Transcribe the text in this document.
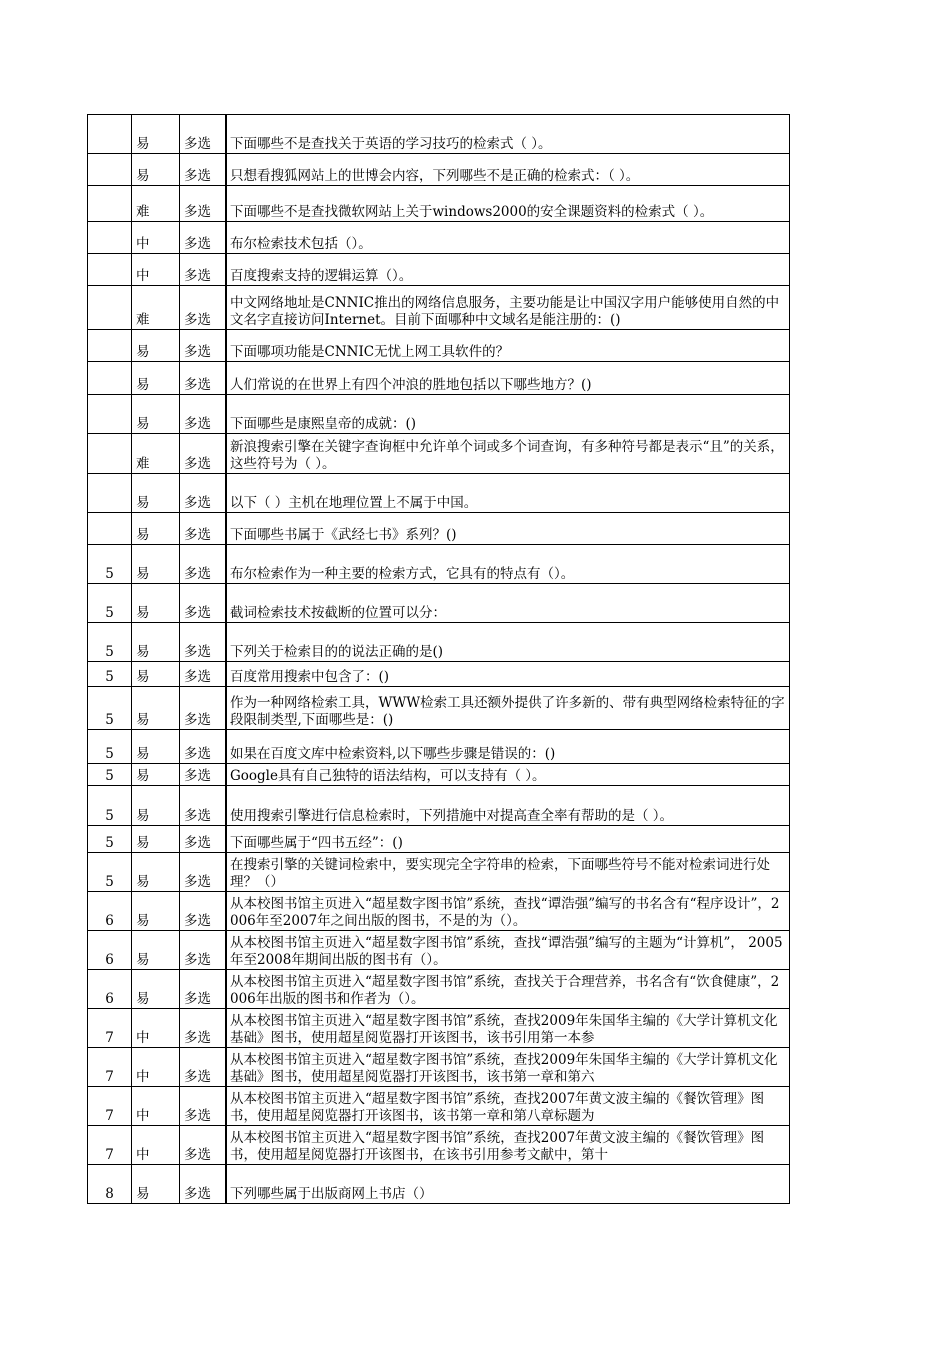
	易	多选	下面哪些不是查找关于英语的学习技巧的检索式（ ）。
	易	多选	只想看搜狐网站上的世博会内容，下列哪些不是正确的检索式：（ ）。
	难	多选	下面哪些不是查找微软网站上关于windows2000的安全课题资料的检索式（ ）。
	中	多选	布尔检索技术包括（）。
	中	多选	百度搜索支持的逻辑运算（）。
	难	多选	中文网络地址是CNNIC推出的网络信息服务，主要功能是让中国汉字用户能够使用自然的中文名字直接访问Internet。目前下面哪种中文域名是能注册的：()
	易	多选	下面哪项功能是CNNIC无忧上网工具软件的？
	易	多选	人们常说的在世界上有四个冲浪的胜地包括以下哪些地方？()
	易	多选	下面哪些是康熙皇帝的成就：()
	难	多选	新浪搜索引擎在关键字查询框中允许单个词或多个词查询，有多种符号都是表示“且”的关系，这些符号为（ ）。
	易	多选	以下（ ）主机在地理位置上不属于中国。
	易	多选	下面哪些书属于《武经七书》系列？()
5	易	多选	布尔检索作为一种主要的检索方式，它具有的特点有（）。
5	易	多选	截词检索技术按截断的位置可以分：
5	易	多选	下列关于检索目的的说法正确的是()
5	易	多选	百度常用搜索中包含了：()
5	易	多选	作为一种网络检索工具，WWW检索工具还额外提供了许多新的、带有典型网络检索特征的字段限制类型,下面哪些是：()
5	易	多选	如果在百度文库中检索资料,以下哪些步骤是错误的：()
5	易	多选	Google具有自己独特的语法结构，可以支持有（ ）。
5	易	多选	使用搜索引擎进行信息检索时，下列措施中对提高查全率有帮助的是（ ）。
5	易	多选	下面哪些属于“四书五经”：()
5	易	多选	在搜索引擎的关键词检索中，要实现完全字符串的检索，下面哪些符号不能对检索词进行处理？（）
6	易	多选	从本校图书馆主页进入“超星数字图书馆”系统，查找“谭浩强”编写的书名含有“程序设计”，2006年至2007年之间出版的图书，不是的为（）。
6	易	多选	从本校图书馆主页进入“超星数字图书馆”系统，查找“谭浩强”编写的主题为“计算机”， 2005年至2008年期间出版的图书有（）。
6	易	多选	从本校图书馆主页进入“超星数字图书馆”系统，查找关于合理营养，书名含有“饮食健康”，2006年出版的图书和作者为（）。
7	中	多选	从本校图书馆主页进入“超星数字图书馆”系统，查找2009年朱国华主编的《大学计算机文化基础》图书，使用超星阅览器打开该图书，该书引用第一本参
7	中	多选	从本校图书馆主页进入“超星数字图书馆”系统，查找2009年朱国华主编的《大学计算机文化基础》图书，使用超星阅览器打开该图书，该书第一章和第六
7	中	多选	从本校图书馆主页进入“超星数字图书馆”系统，查找2007年黄文波主编的《餐饮管理》图书，使用超星阅览器打开该图书，该书第一章和第八章标题为
7	中	多选	从本校图书馆主页进入“超星数字图书馆”系统，查找2007年黄文波主编的《餐饮管理》图书，使用超星阅览器打开该图书，在该书引用参考文献中，第十
8	易	多选	下列哪些属于出版商网上书店（）
